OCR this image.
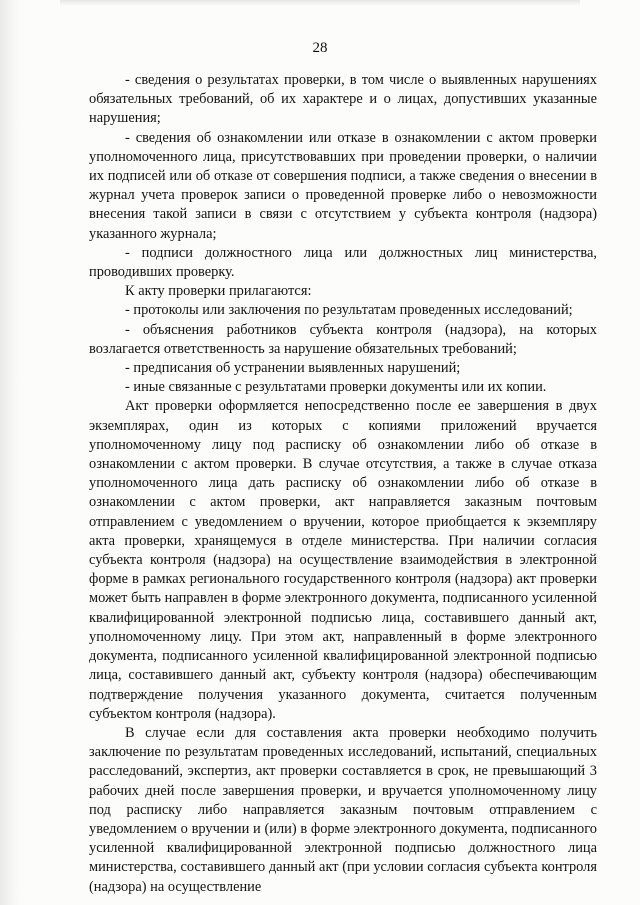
28

- сведения о результатах проверки, в том числе о выявленных нарушениях обязательных требований, об их характере и о лицах, допустивших указанные нарушения;

- сведения об ознакомлении или отказе в ознакомлении с актом проверки уполномоченного лица, присутствовавших при проведении проверки, о наличии их подписей или об отказе от совершения подписи, а также сведения о внесении в журнал учета проверок записи о проведенной проверке либо о невозможности внесения такой записи в связи с отсутствием у субъекта контроля (надзора) указанного журнала;

- подписи должностного лица или должностных лиц министерства, проводивших проверку.

К акту проверки прилагаются:

- протоколы или заключения по результатам проведенных исследований;

- объяснения работников субъекта контроля (надзора), на которых возлагается ответственность за нарушение обязательных требований;

- предписания об устранении выявленных нарушений;

- иные связанные с результатами проверки документы или их копии.

Акт проверки оформляется непосредственно после ее завершения в двух экземплярах, один из которых с копиями приложений вручается уполномоченному лицу под расписку об ознакомлении либо об отказе в ознакомлении с актом проверки. В случае отсутствия, а также в случае отказа уполномоченного лица дать расписку об ознакомлении либо об отказе в ознакомлении с актом проверки, акт направляется заказным почтовым отправлением с уведомлением о вручении, которое приобщается к экземпляру акта проверки, хранящемуся в отделе министерства. При наличии согласия субъекта контроля (надзора) на осуществление взаимодействия в электронной форме в рамках регионального государственного контроля (надзора) акт проверки может быть направлен в форме электронного документа, подписанного усиленной квалифицированной электронной подписью лица, составившего данный акт, уполномоченному лицу. При этом акт, направленный в форме электронного документа, подписанного усиленной квалифицированной электронной подписью лица, составившего данный акт, субъекту контроля (надзора) обеспечивающим подтверждение получения указанного документа, считается полученным субъектом контроля (надзора).

В случае если для составления акта проверки необходимо получить заключение по результатам проведенных исследований, испытаний, специальных расследований, экспертиз, акт проверки составляется в срок, не превышающий 3 рабочих дней после завершения проверки, и вручается уполномоченному лицу под расписку либо направляется заказным почтовым отправлением с уведомлением о вручении и (или) в форме электронного документа, подписанного усиленной квалифицированной электронной подписью должностного лица министерства, составившего данный акт (при условии согласия субъекта контроля (надзора) на осуществление
